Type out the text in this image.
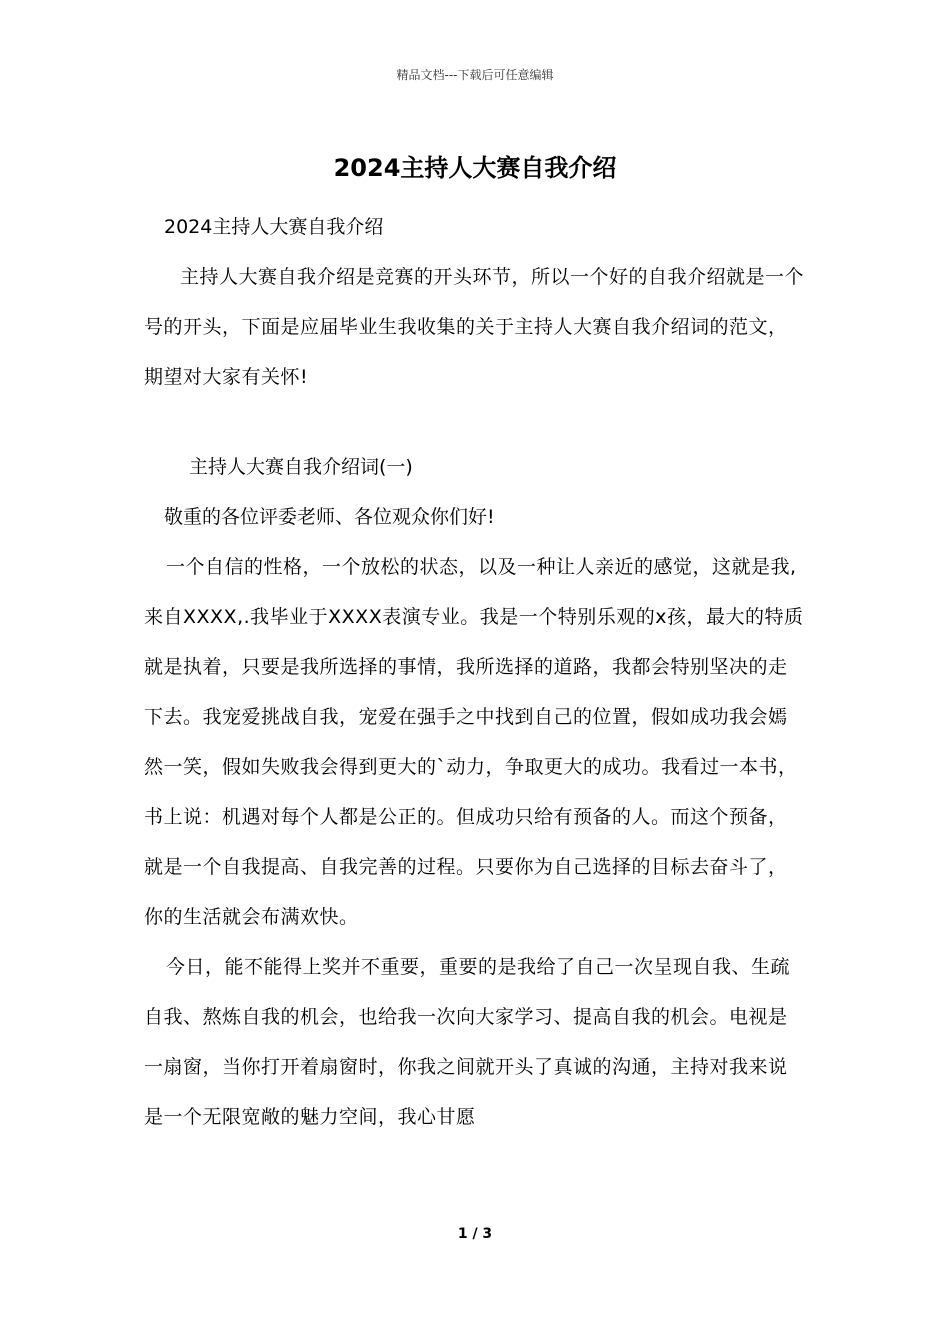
精品文档---下载后可任意编辑
2024主持人大赛自我介绍

2024主持人大赛自我介绍

主持人大赛自我介绍是竞赛的开头环节，所以一个好的自我介绍就是一个号的开头，下面是应届毕业生我收集的关于主持人大赛自我介绍词的范文，期望对大家有关怀!

主持人大赛自我介绍词(一)

敬重的各位评委老师、各位观众你们好!

一个自信的性格，一个放松的状态，以及一种让人亲近的感觉，这就是我,来自XXXX,.我毕业于XXXX表演专业。我是一个特别乐观的x孩，最大的特质就是执着，只要是我所选择的事情，我所选择的道路，我都会特别坚决的走下去。我宠爱挑战自我，宠爱在强手之中找到自己的位置，假如成功我会嫣然一笑，假如失败我会得到更大的`动力，争取更大的成功。我看过一本书，书上说：机遇对每个人都是公正的。但成功只给有预备的人。而这个预备，就是一个自我提高、自我完善的过程。只要你为自己选择的目标去奋斗了，你的生活就会布满欢快。

今日，能不能得上奖并不重要，重要的是我给了自己一次呈现自我、生疏自我、熬炼自我的机会，也给我一次向大家学习、提高自我的机会。电视是一扇窗，当你打开着扇窗时，你我之间就开头了真诚的沟通，主持对我来说是一个无限宽敞的魅力空间，我心甘愿

1 / 3
